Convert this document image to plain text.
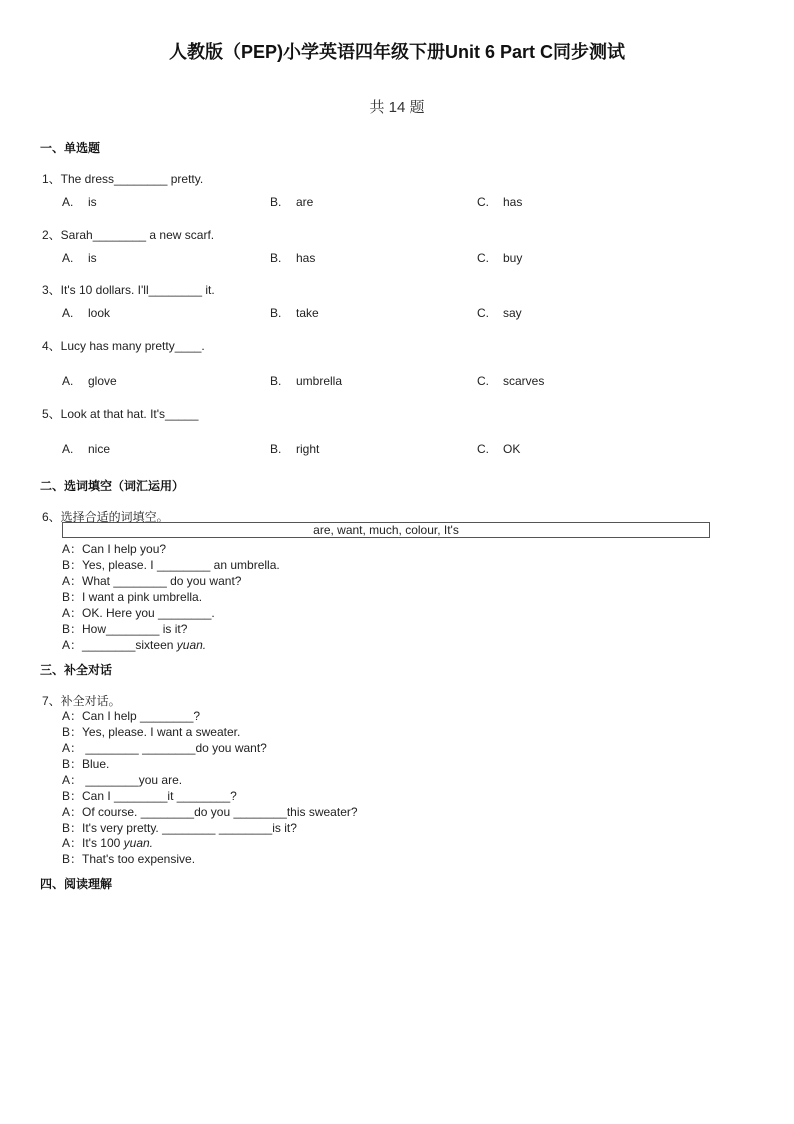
人教版（PEP)小学英语四年级下册Unit 6 Part C同步测试
共 14 题
一、单选题
1、The dress________ pretty.
A. is	B. are	C. has
2、Sarah________ a new scarf.
A. is	B. has	C. buy
3、It's 10 dollars. I'll________ it.
A. look	B. take	C. say
4、Lucy has many pretty____.
A. glove	B. umbrella	C. scarves
5、Look at that hat. It's_____
A. nice	B. right	C. OK
二、选词填空（词汇运用）
6、选择合适的词填空。
are, want, much, colour, It's
A：Can I help you?
B：Yes, please. I ________ an umbrella.
A：What ________ do you want?
B：I want a pink umbrella.
A：OK. Here you ________.
B：How________ is it?
A：________sixteen yuan.
三、补全对话
7、补全对话。
A：Can I help ________?
B：Yes, please. I want a sweater.
A： ________ ________do you want?
B：Blue.
A： ________you are.
B：Can I ________it ________?
A：Of course. ________do you ________this sweater?
B：It's very pretty. ________ ________is it?
A：It's 100 yuan.
B：That's too expensive.
四、阅读理解
